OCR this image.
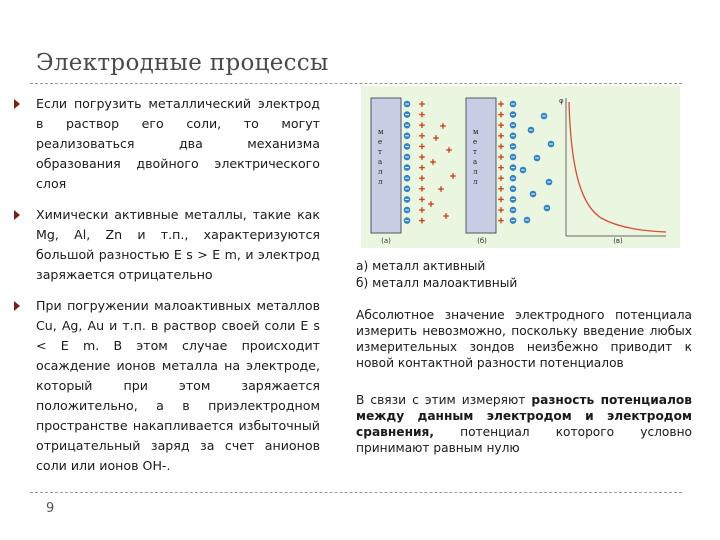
Электродные процессы
Если погрузить металлический электрод в раствор его соли, то могут реализоваться два механизма образования двойного электрического слоя
Химически активные металлы, такие как Mg, Al, Zn и т.п., характеризуются большой разностью E s > E m, и электрод заряжается отрицательно
При погружении малоактивных металлов Cu, Ag, Au и т.п. в раствор своей соли E s < E m. В этом случае происходит осаждение ионов металла на электроде, который при этом заряжается положительно, а в приэлектродном пространстве накапливается избыточный отрицательный заряд за счет анионов соли или ионов OH-.
м
е
т
а
л
л
м
е
т
а
л
л
φ
(а)	(б)	(в)
а) металл активный
б) металл малоактивный
Абсолютное значение электродного потенциала измерить невозможно, поскольку введение любых измерительных зондов неизбежно приводит к новой контактной разности потенциалов
В связи с этим измеряют разность потенциалов между данным электродом и электродом сравнения, потенциал которого условно принимают равным нулю
9
